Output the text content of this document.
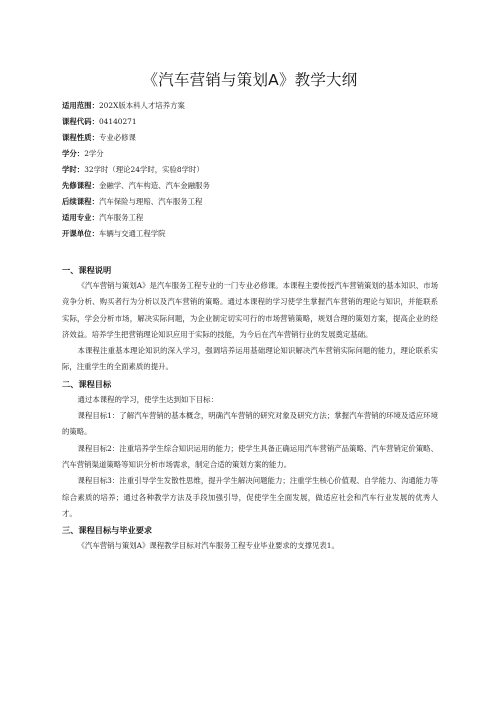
《汽车营销与策划A》教学大纲
适用范围：202X版本科人才培养方案
课程代码：04140271
课程性质：专业必修课
学分：2学分
学时：32学时（理论24学时，实验8学时）
先修课程：金融学、汽车构造、汽车金融服务
后续课程：汽车保险与理赔、汽车服务工程
适用专业：汽车服务工程
开课单位：车辆与交通工程学院
一、课程说明

《汽车营销与策划A》是汽车服务工程专业的一门专业必修课。本课程主要传授汽车营销策划的基本知识、市场竞争分析、购买者行为分析以及汽车营销的策略。通过本课程的学习使学生掌握汽车营销的理论与知识，并能联系实际，学会分析市场，解决实际问题，为企业制定切实可行的市场营销策略，规划合理的策划方案，提高企业的经济效益。培养学生把营销理论知识应用于实际的技能，为今后在汽车营销行业的发展奠定基础。

本课程注重基本理论知识的深入学习，强调培养运用基础理论知识解决汽车营销实际问题的能力，理论联系实际，注重学生的全面素质的提升。

二、课程目标

通过本课程的学习，使学生达到如下目标：

课程目标1：了解汽车营销的基本概念，明确汽车营销的研究对象及研究方法；掌握汽车营销的环境及适应环境的策略。

课程目标2：注重培养学生综合知识运用的能力；使学生具备正确运用汽车营销产品策略、汽车营销定价策略、汽车营销渠道策略等知识分析市场需求，制定合适的策划方案的能力。

课程目标3：注重引导学生发散性思维，提升学生解决问题能力；注重学生核心价值观、自学能力、沟通能力等综合素质的培养；通过各种教学方法及手段加强引导，促使学生全面发展，做适应社会和汽车行业发展的优秀人才。

三、课程目标与毕业要求

《汽车营销与策划A》课程教学目标对汽车服务工程专业毕业要求的支撑见表1。
